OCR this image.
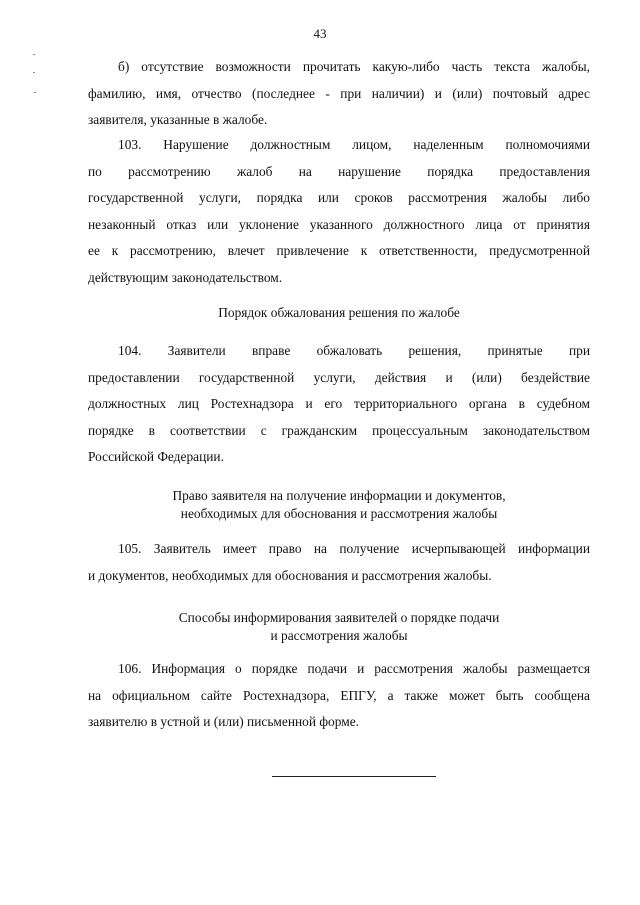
43
б) отсутствие возможности прочитать какую-либо часть текста жалобы,
фамилию, имя, отчество (последнее - при наличии) и (или) почтовый адрес
заявителя, указанные в жалобе.
103. Нарушение должностным лицом, наделенным полномочиями
по рассмотрению жалоб на нарушение порядка предоставления
государственной услуги, порядка или сроков рассмотрения жалобы либо
незаконный отказ или уклонение указанного должностного лица от принятия
ее к рассмотрению, влечет привлечение к ответственности, предусмотренной
действующим законодательством.
Порядок обжалования решения по жалобе
104. Заявители вправе обжаловать решения, принятые при
предоставлении государственной услуги, действия и (или) бездействие
должностных лиц Ростехнадзора и его территориального органа в судебном
порядке в соответствии с гражданским процессуальным законодательством
Российской Федерации.
Право заявителя на получение информации и документов,
необходимых для обоснования и рассмотрения жалобы
105. Заявитель имеет право на получение исчерпывающей информации
и документов, необходимых для обоснования и рассмотрения жалобы.
Способы информирования заявителей о порядке подачи
и рассмотрения жалобы
106. Информация о порядке подачи и рассмотрения жалобы размещается
на официальном сайте Ростехнадзора, ЕПГУ, а также может быть сообщена
заявителю в устной и (или) письменной форме.
